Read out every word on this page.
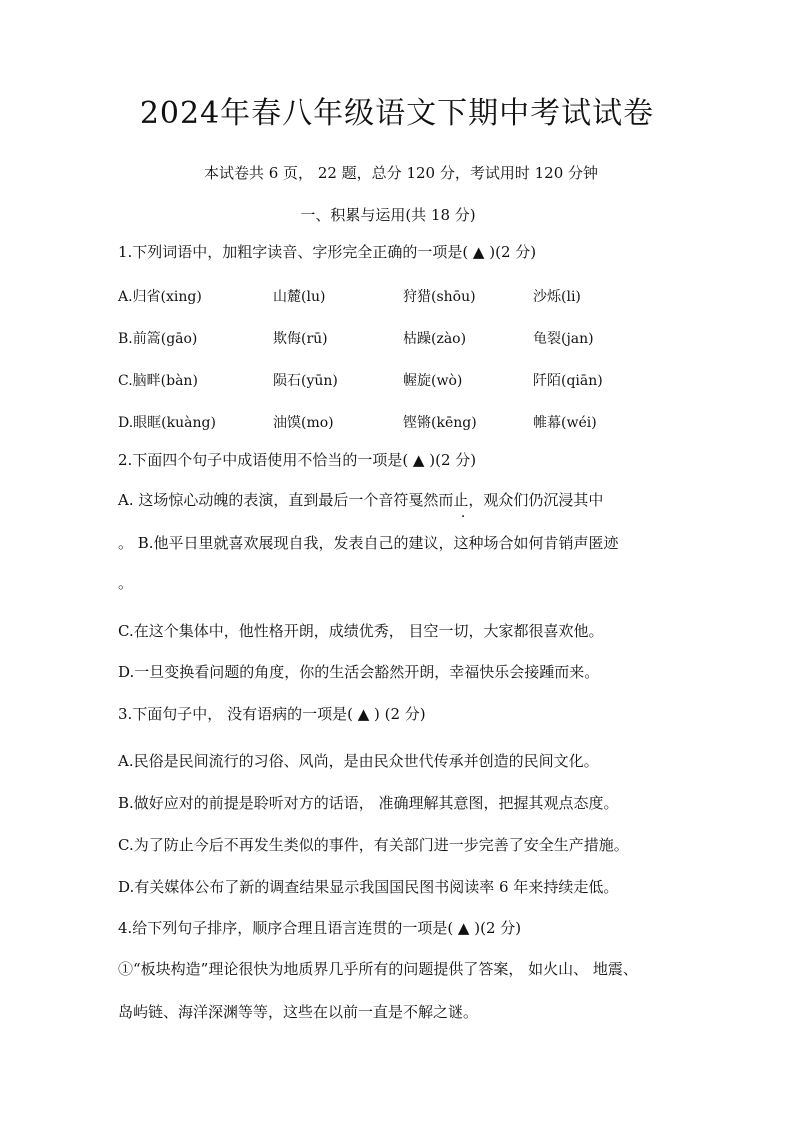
2024年春八年级语文下期中考试试卷
本试卷共 6 页， 22 题，总分 120 分，考试用时 120 分钟
一、积累与运用(共 18 分)
1.下列词语中，加粗字读音、字形完全正确的一项是( ▲ )(2 分)
A.归省(xing)	山麓(lu)	狩猎(shōu)	沙烁(li)
B.前篙(gāo)	欺侮(rū)	枯躁(zào)	龟裂(jan)
C.脑畔(bàn)	陨石(yūn)	幄旋(wò)	阡陌(qiān)
D.眼眶(kuàng)	油馍(mo)	铿锵(kēng)	帷幕(wéi)
2.下面四个句子中成语使用不恰当的一项是( ▲ )(2 分)
A. 这场惊心动魄的表演，直到最后一个音符戛然而止，观众们仍沉浸其中
。 B.他平日里就喜欢展现自我，发表自己的建议，这种场合如何肯销声匿迹
。
C.在这个集体中，他性格开朗，成绩优秀， 目空一切，大家都很喜欢他。
D.一旦变换看问题的角度，你的生活会豁然开朗，幸福快乐会接踵而来。
3.下面句子中， 没有语病的一项是( ▲ ) (2 分)
A.民俗是民间流行的习俗、风尚，是由民众世代传承并创造的民间文化。
B.做好应对的前提是聆听对方的话语， 准确理解其意图，把握其观点态度。
C.为了防止今后不再发生类似的事件，有关部门进一步完善了安全生产措施。
D.有关媒体公布了新的调查结果显示我国国民图书阅读率 6 年来持续走低。
4.给下列句子排序，顺序合理且语言连贯的一项是( ▲ )(2 分)
①“板块构造”理论很快为地质界几乎所有的问题提供了答案， 如火山、 地震、
岛屿链、海洋深渊等等，这些在以前一直是不解之谜。
